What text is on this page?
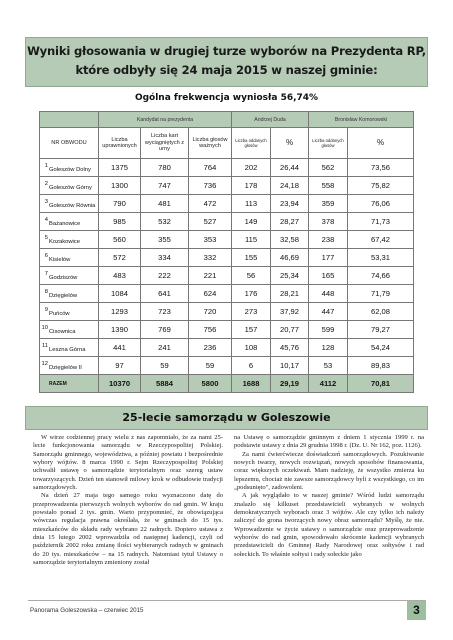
Wyniki głosowania w drugiej turze wyborów na Prezydenta RP,
które odbyły się 24 maja 2015 w naszej gminie:
Ogólna frekwencja wyniosła 56,74%
	Kandydat na prezydenta			Andrzej Duda		Bronisław Komorowski	
NR OBWODU	Liczba uprawnionych	Liczba kart wyciągniętych z urny	Liczba głosów ważnych	Liczba oddanych głosów	%	Liczba oddanych głosów	%
1Goleszów Dolny	1375	780	764	202	26,44	562	73,56
2Goleszów Górny	1300	747	736	178	24,18	558	75,82
3Goleszów Równia	790	481	472	113	23,94	359	76,06
4Bażanowice	985	532	527	149	28,27	378	71,73
5Kozakowice	560	355	353	115	32,58	238	67,42
6Kisielów	572	334	332	155	46,69	177	53,31
7Godziszów	483	222	221	56	25,34	165	74,66
8Dzięgielów	1084	641	624	176	28,21	448	71,79
9Puńców	1293	723	720	273	37,92	447	62,08
10Cisownica	1390	769	756	157	20,77	599	79,27
11Leszna Górna	441	241	236	108	45,76	128	54,24
12Dzięgielów II	97	59	59	6	10,17	53	89,83
RAZEM	10370	5884	5800	1688	29,19	4112	70,81
25-lecie samorządu w Goleszowie

W wirze codziennej pracy wielu z nas zapomniało, że za nami 25-lecie funkcjonowania samorządu w Rzeczypospolitej Polskiej. Samorządu gminnego, województwa, a później powiatu i bezpośrednie wybory wójtów. 8 marca 1990 r. Sejm Rzeczypospolitej Polskiej uchwalił ustawę o samorządzie terytorialnym oraz szereg ustaw towarzyszących. Dzień ten stanowił milowy krok w odbudowie tradycji samorządowych.

Na dzień 27 maja tego samego roku wyznaczono datę do przeprowadzenia pierwszych wolnych wyborów do rad gmin. W kraju powstało ponad 2 tys. gmin. Warto przypomnieć, że obowiązująca wówczas regulacja prawna określała, że w gminach do 15 tys. mieszkańców do składu rady wybrano 22 radnych. Dopiero ustawa z dnia 15 lutego 2002 wprowadziła od następnej kadencji, czyli od październik 2002 roku zmianę ilości wybieranych radnych w gminach do 20 tys. mieszkańców – na 15 radnych. Natomiast tytuł Ustawy o samorządzie terytorialnym zmieniony został

na Ustawę o samorządzie gminnym z dniem 1 stycznia 1999 r. na podstawie ustawy z dnia 29 grudnia 1998 r. (Dz. U. Nr 162, poz. 1126).

Za nami ćwierćwiecze doświadczeń samorządowych. Pozukiwanie nowych twarzy, nowych rozwiązań, nowych sposobów finansowania, coraz większych oczekiwań. Mam nadzieję, że wszystko zmierza ku lepszemu, chociaż nie zawsze samorządowcy byli z wszystkiego, co im „podsunięto", zadowoleni.

A jak wyglądało to w naszej gminie? Wśród ludzi samorządu znalazło się kilkuset przedstawicieli wybranych w wolnych demokratycznych wyborach oraz 3 wójtów. Ale czy tylko ich należy zaliczyć do grona tworzących nowy obraz samorządu? Myślę, że nie. Wprowadzenie w życie ustawy o samorządzie oraz przeprowadzenie wyborów do rad gmin, spowodowało skrócenie kadencji wybranych przedstawicieli do Gminnej Rady Narodowej oraz sołtysów i rad sołeckich. To właśnie sołtysi i rady sołeckie jako

Panorama Goleszowska – czerwiec 2015	3
